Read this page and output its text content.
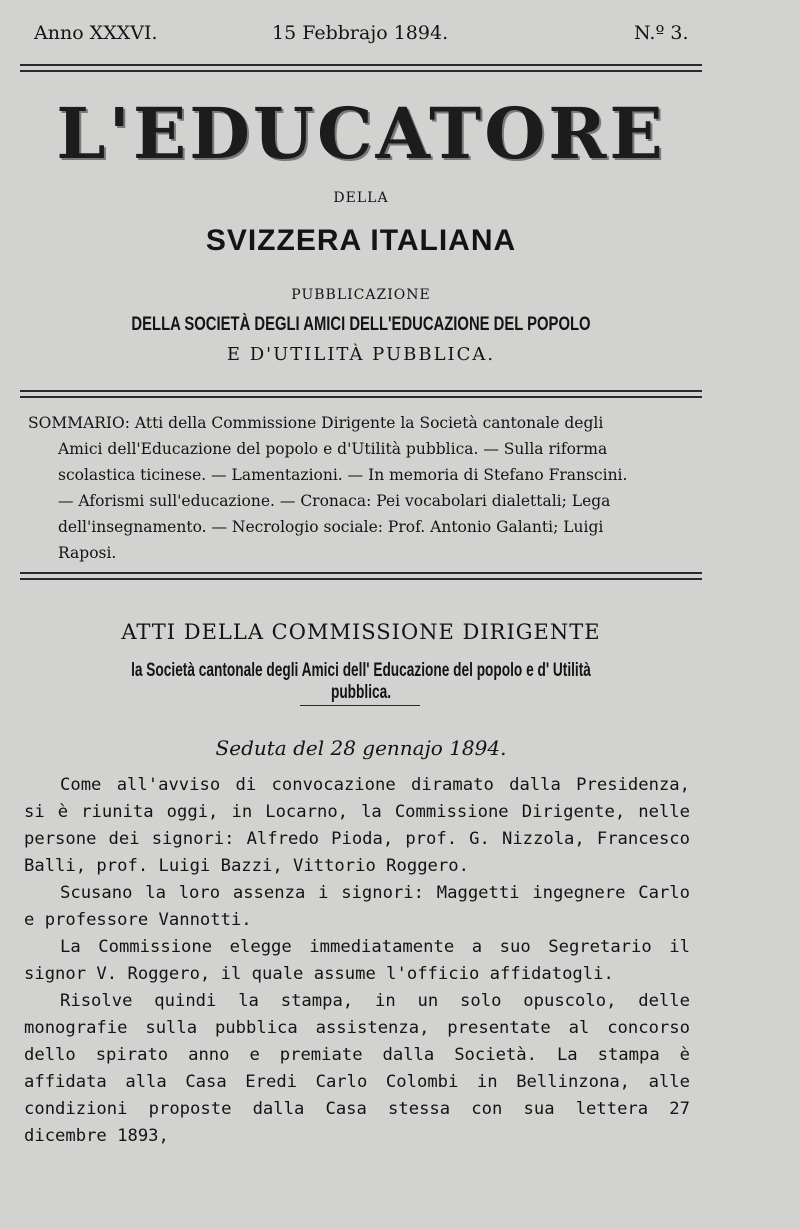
Anno XXXVI.	15 Febbrajo 1894.	N.º 3.
L'EDUCATORE
DELLA
SVIZZERA ITALIANA
PUBBLICAZIONE
DELLA SOCIETÀ DEGLI AMICI DELL'EDUCAZIONE DEL POPOLO
E D'UTILITÀ PUBBLICA.
SOMMARIO: Atti della Commissione Dirigente la Società cantonale degli
Amici dell'Educazione del popolo e d'Utilità pubblica. — Sulla riforma
scolastica ticinese. — Lamentazioni. — In memoria di Stefano Franscini.
— Aforismi sull'educazione. — Cronaca: Pei vocabolari dialettali; Lega
dell'insegnamento. — Necrologio sociale: Prof. Antonio Galanti; Luigi
Raposi.
ATTI DELLA COMMISSIONE DIRIGENTE
la Società cantonale degli Amici dell' Educazione del popolo e d' Utilità pubblica.
Seduta del 28 gennajo 1894.

Come all'avviso di convocazione diramato dalla Presidenza, si è riunita oggi, in Locarno, la Commissione Dirigente, nelle persone dei signori: Alfredo Pioda, prof. G. Nizzola, Francesco Balli, prof. Luigi Bazzi, Vittorio Roggero.

Scusano la loro assenza i signori: Maggetti ingegnere Carlo e professore Vannotti.

La Commissione elegge immediatamente a suo Segretario il signor V. Roggero, il quale assume l'officio affidatogli.

Risolve quindi la stampa, in un solo opuscolo, delle monografie sulla pubblica assistenza, presentate al concorso dello spirato anno e premiate dalla Società. La stampa è affidata alla Casa Eredi Carlo Colombi in Bellinzona, alle condizioni proposte dalla Casa stessa con sua lettera 27 dicembre 1893,
